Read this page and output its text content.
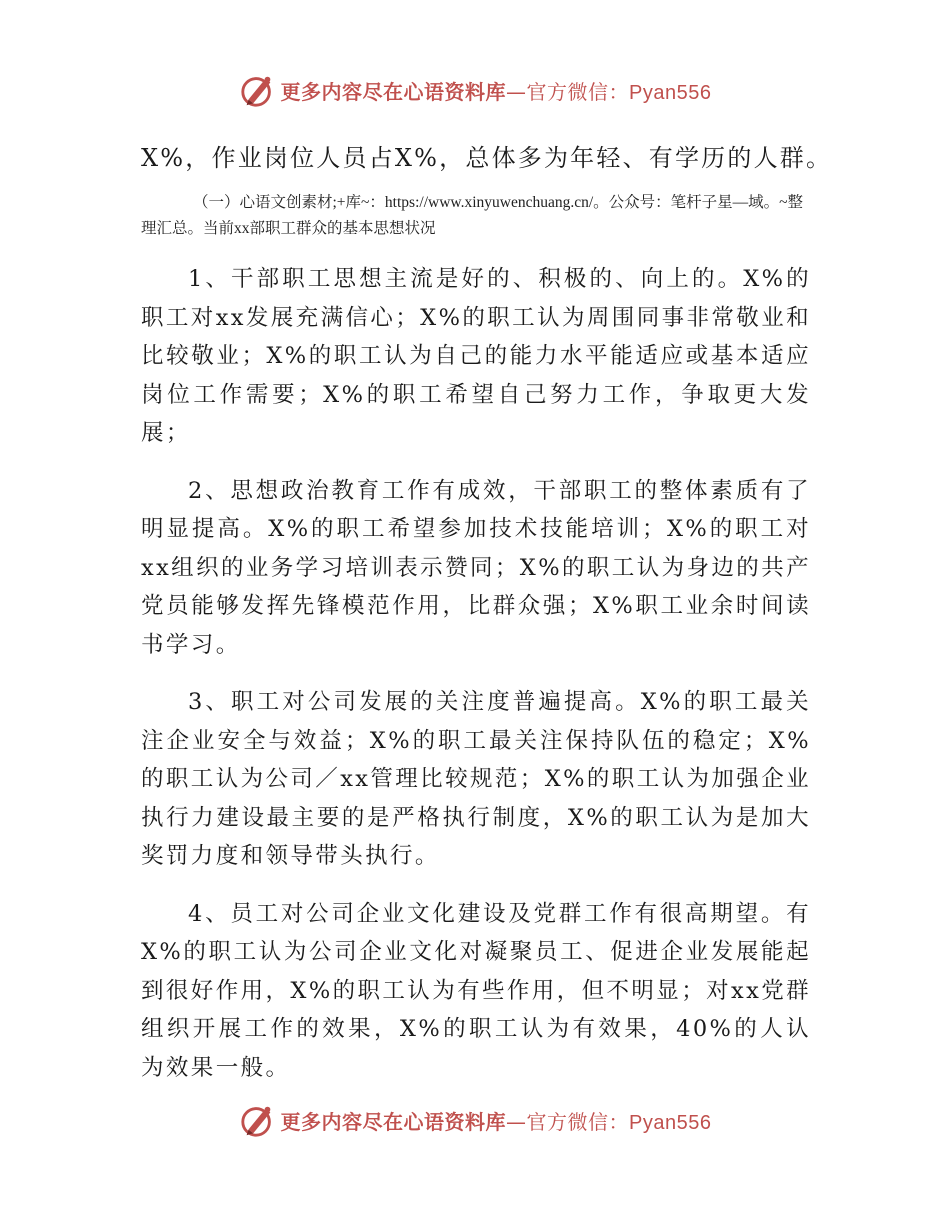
更多内容尽在心语资料库—官方微信：Pyan556

X%，作业岗位人员占X%，总体多为年轻、有学历的人群。

（一）心语文创素材;+库~：https://www.xinyuwenchuang.cn/。公众号：笔杆子星—域。~整理汇总。当前xx部职工群众的基本思想状况

1、干部职工思想主流是好的、积极的、向上的。X%的职工对xx发展充满信心；X%的职工认为周围同事非常敬业和比较敬业；X%的职工认为自己的能力水平能适应或基本适应岗位工作需要；X%的职工希望自己努力工作，争取更大发展；

2、思想政治教育工作有成效，干部职工的整体素质有了明显提高。X%的职工希望参加技术技能培训；X%的职工对xx组织的业务学习培训表示赞同；X%的职工认为身边的共产党员能够发挥先锋模范作用，比群众强；X%职工业余时间读书学习。

3、职工对公司发展的关注度普遍提高。X%的职工最关注企业安全与效益；X%的职工最关注保持队伍的稳定；X%的职工认为公司／xx管理比较规范；X%的职工认为加强企业执行力建设最主要的是严格执行制度，X%的职工认为是加大奖罚力度和领导带头执行。

4、员工对公司企业文化建设及党群工作有很高期望。有X%的职工认为公司企业文化对凝聚员工、促进企业发展能起到很好作用，X%的职工认为有些作用，但不明显；对xx党群组织开展工作的效果，X%的职工认为有效果，40%的人认为效果一般。

更多内容尽在心语资料库—官方微信：Pyan556
